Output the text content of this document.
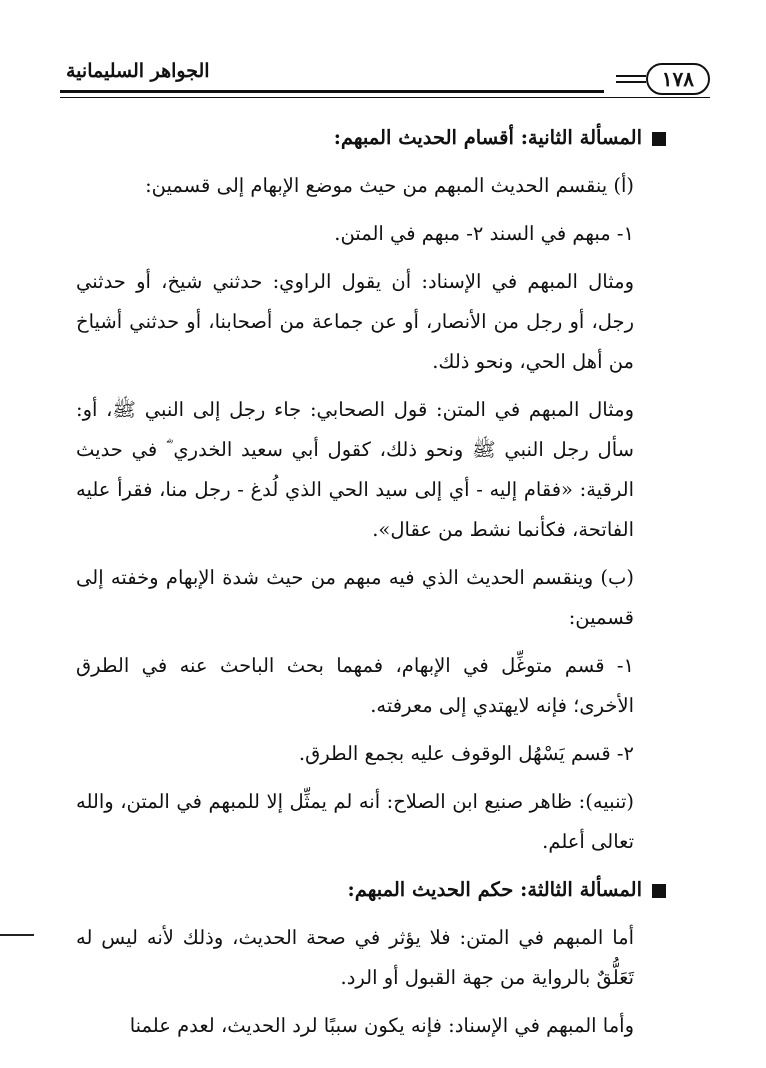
١٧٨
الجواهر السليمانية

المسألة الثانية: أقسام الحديث المبهم:

(أ) ينقسم الحديث المبهم من حيث موضع الإبهام إلى قسمين:

١- مبهم في السند ٢- مبهم في المتن.

ومثال المبهم في الإسناد: أن يقول الراوي: حدثني شيخ، أو حدثني رجل، أو رجل من الأنصار، أو عن جماعة من أصحابنا، أو حدثني أشياخ من أهل الحي، ونحو ذلك.

ومثال المبهم في المتن: قول الصحابي: جاء رجل إلى النبي ﷺ، أو: سأل رجل النبي ﷺ ونحو ذلك، كقول أبي سعيد الخدري ؓ في حديث الرقية: «فقام إليه - أي إلى سيد الحي الذي لُدغ - رجل منا، فقرأ عليه الفاتحة، فكأنما نشط من عقال».

(ب) وينقسم الحديث الذي فيه مبهم من حيث شدة الإبهام وخفته إلى قسمين:

١- قسم متوغِّل في الإبهام، فمهما بحث الباحث عنه في الطرق الأخرى؛ فإنه لايهتدي إلى معرفته.

٢- قسم يَسْهُل الوقوف عليه بجمع الطرق.

(تنبيه): ظاهر صنيع ابن الصلاح: أنه لم يمثِّل إلا للمبهم في المتن، والله تعالى أعلم.

المسألة الثالثة: حكم الحديث المبهم:

أما المبهم في المتن: فلا يؤثر في صحة الحديث، وذلك لأنه ليس له تَعَلُّقٌ بالرواية من جهة القبول أو الرد.

وأما المبهم في الإسناد: فإنه يكون سببًا لرد الحديث، لعدم علمنا
